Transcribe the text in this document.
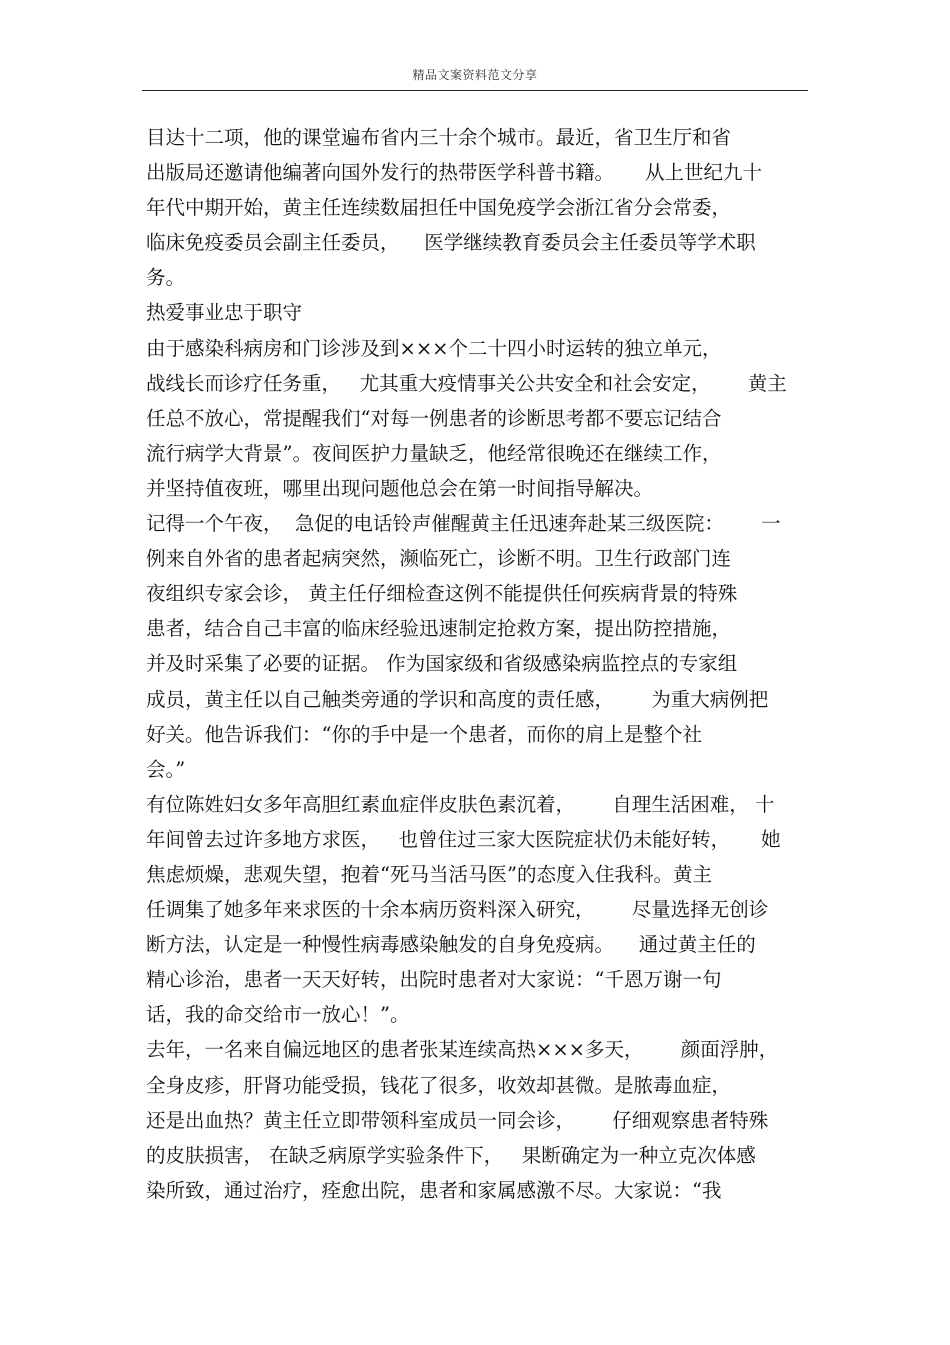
精品文案资料范文分享
目达十二项，他的课堂遍布省内三十余个城市。最近，省卫生厅和省
出版局还邀请他编著向国外发行的热带医学科普书籍。     从上世纪九十
年代中期开始，黄主任连续数届担任中国免疫学会浙江省分会常委，
临床免疫委员会副主任委员，    医学继续教育委员会主任委员等学术职
务。
热爱事业忠于职守
由于感染科病房和门诊涉及到×××个二十四小时运转的独立单元，
战线长而诊疗任务重，   尤其重大疫情事关公共安全和社会安定，      黄主
任总不放心，常提醒我们“对每一例患者的诊断思考都不要忘记结合
流行病学大背景”。夜间医护力量缺乏，他经常很晚还在继续工作，
并坚持值夜班，哪里出现问题他总会在第一时间指导解决。
记得一个午夜，  急促的电话铃声催醒黄主任迅速奔赴某三级医院：      一
例来自外省的患者起病突然，濒临死亡，诊断不明。卫生行政部门连
夜组织专家会诊， 黄主任仔细检查这例不能提供任何疾病背景的特殊
患者，结合自己丰富的临床经验迅速制定抢救方案，提出防控措施，
并及时采集了必要的证据。 作为国家级和省级感染病监控点的专家组
成员，黄主任以自己触类旁通的学识和高度的责任感，      为重大病例把
好关。他告诉我们：“你的手中是一个患者，而你的肩上是整个社
会。”
有位陈姓妇女多年高胆红素血症伴皮肤色素沉着，      自理生活困难， 十
年间曾去过许多地方求医，   也曾住过三家大医院症状仍未能好转，     她
焦虑烦燥，悲观失望，抱着“死马当活马医”的态度入住我科。黄主
任调集了她多年来求医的十余本病历资料深入研究，      尽量选择无创诊
断方法，认定是一种慢性病毒感染触发的自身免疫病。    通过黄主任的
精心诊治，患者一天天好转，出院时患者对大家说：“千恩万谢一句
话，我的命交给市一放心！”。
去年，一名来自偏远地区的患者张某连续高热×××多天，      颜面浮肿，
全身皮疹，肝肾功能受损，钱花了很多，收效却甚微。是脓毒血症，
还是出血热？黄主任立即带领科室成员一同会诊，      仔细观察患者特殊
的皮肤损害， 在缺乏病原学实验条件下，   果断确定为一种立克次体感
染所致，通过治疗，痊愈出院，患者和家属感激不尽。大家说：“我
